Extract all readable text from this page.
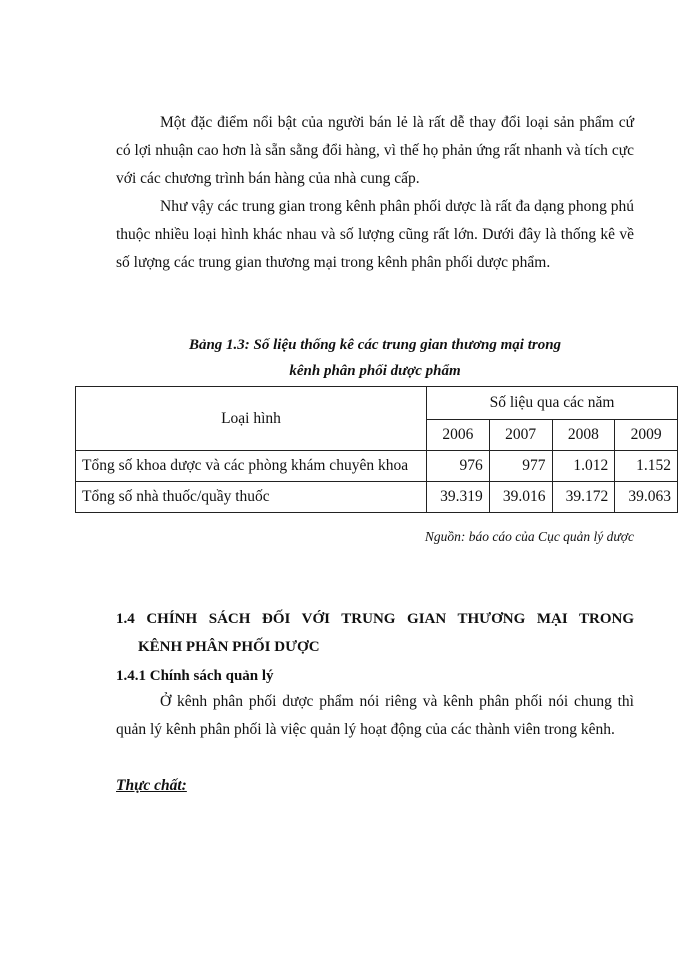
Một đặc điểm nổi bật của người bán lẻ là rất dễ thay đổi loại sản phẩm cứ có lợi nhuận cao hơn là sẵn sằng đổi hàng, vì thế họ phản ứng rất nhanh và tích cực với các chương trình bán hàng của nhà cung cấp.

Như vậy các trung gian trong kênh phân phối dược là rất đa dạng phong phú thuộc nhiều loại hình khác nhau và số lượng cũng rất lớn. Dưới đây là thống kê về số lượng các trung gian thương mại trong kênh phân phối dược phẩm.

Bảng 1.3: Số liệu thống kê các trung gian thương mại trong
kênh phân phối dược phẩm
Loại hình	Số liệu qua các năm			
	2006	2007	2008	2009
Tổng số khoa dược và các phòng khám chuyên khoa	976	977	1.012	1.152
Tổng số nhà thuốc/quầy thuốc	39.319	39.016	39.172	39.063
Nguồn: báo cáo của Cục quản lý dược
1.4 CHÍNH SÁCH ĐỐI VỚI TRUNG GIAN THƯƠNG MẠI TRONG
KÊNH PHÂN PHỐI DƯỢC
1.4.1 Chính sách quản lý

Ở kênh phân phối dược phẩm nói riêng và kênh phân phối nói chung thì quản lý kênh phân phối là việc quản lý hoạt động của các thành viên trong kênh.

Thực chất:
